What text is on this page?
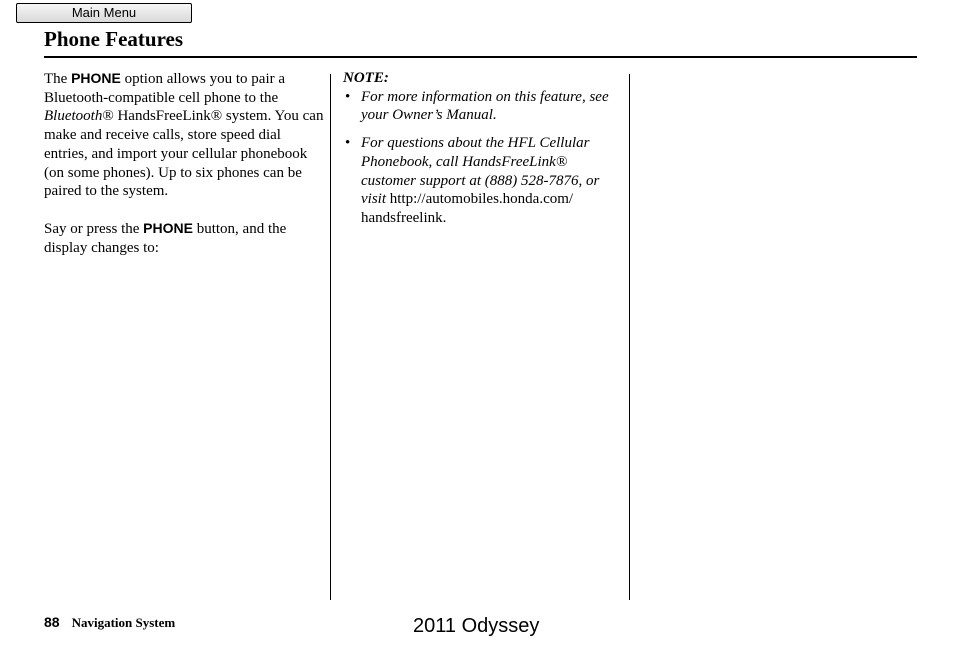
Main Menu
Phone Features

The PHONE option allows you to pair a Bluetooth-compatible cell phone to the Bluetooth® HandsFreeLink® system. You can make and receive calls, store speed dial entries, and import your cellular phonebook (on some phones). Up to six phones can be paired to the system.

Say or press the PHONE button, and the display changes to:

NOTE:
• For more information on this feature, see your Owner’s Manual.
• For questions about the HFL Cellular Phonebook, call HandsFreeLink® customer support at (888) 528-7876, or visit http://automobiles.honda.com/ handsfreelink.
88 Navigation System	2011 Odyssey
